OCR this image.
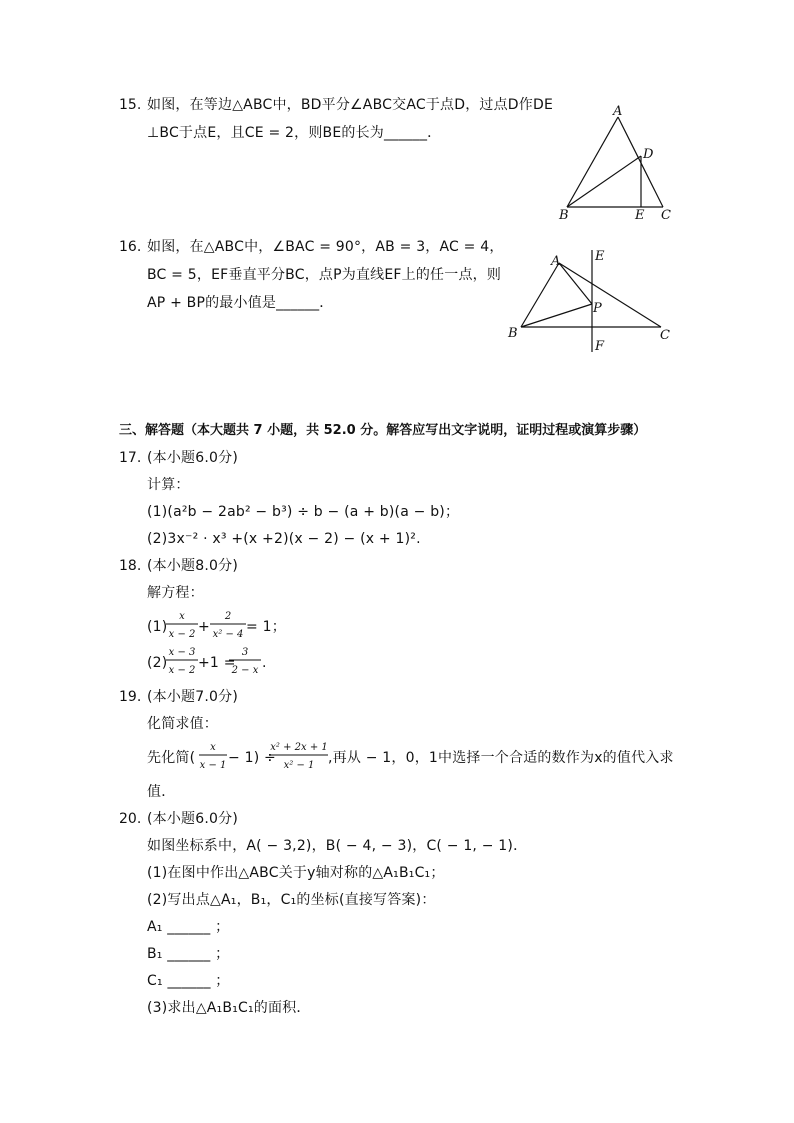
15. 如图，在等边△ABC中，BD平分∠ABC交AC于点D，过点D作DE
⊥BC于点E，且CE = 2，则BE的长为______．
A
D
B	E C
16. 如图，在△ABC中，∠BAC = 90°，AB = 3，AC = 4，
BC = 5，EF垂直平分BC，点P为直线EF上的任一点，则
AP + BP的最小值是______．
A	E
P
B	C
F
三、解答题（本大题共 7 小题，共 52.0 分。解答应写出文字说明，证明过程或演算步骤）
17. (本小题6.0分)
计算：
(1)(a²b − 2ab² − b³) ÷ b − (a + b)(a − b)；
(2)3x⁻² · x³ +(x +2)(x − 2) − (x + 1)².
18. (本小题8.0分)
解方程：
(1)
x
x − 2 +
2
x² − 4 = 1；
(2)
x − 3
x − 2 +1 =
3
2 − x .
19. (本小题7.0分)
化简求值：
先化简(
x
x − 1 − 1) ÷
x² + 2x + 1
x² − 1 ,再从 − 1，0，1中选择一个合适的数作为x的值代入求
值．
20. (本小题6.0分)
如图坐标系中，A( − 3,2)，B( − 4, − 3)，C( − 1, − 1)．
(1)在图中作出△ABC关于y轴对称的△A₁B₁C₁；
(2)写出点△A₁，B₁，C₁的坐标(直接写答案)：
A₁ ______ ；
B₁ ______ ；
C₁ ______ ；
(3)求出△A₁B₁C₁的面积．
